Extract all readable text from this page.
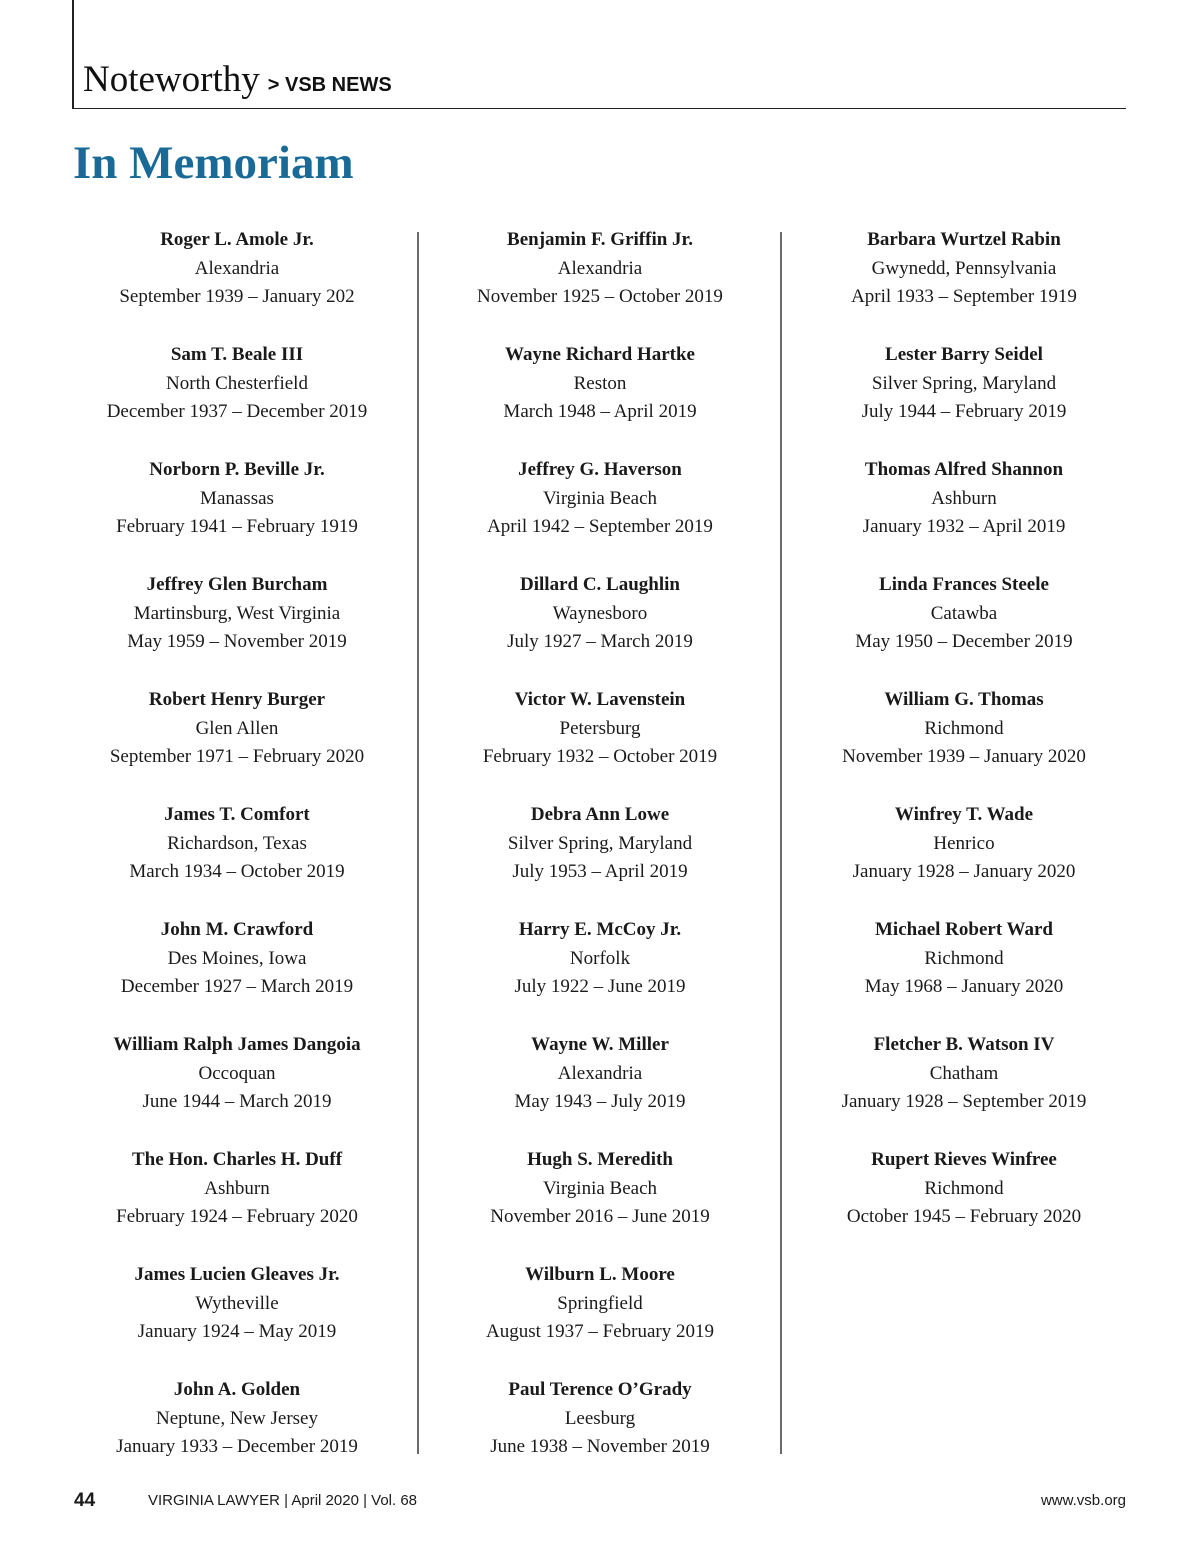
Noteworthy > VSB NEWS
In Memoriam
Roger L. Amole Jr.
Alexandria
September 1939 – January 202
Sam T. Beale III
North Chesterfield
December 1937 – December 2019
Norborn P. Beville Jr.
Manassas
February 1941 – February 1919
Jeffrey Glen Burcham
Martinsburg, West Virginia
May 1959 – November 2019
Robert Henry Burger
Glen Allen
September 1971 – February 2020
James T. Comfort
Richardson, Texas
March 1934 – October 2019
John M. Crawford
Des Moines, Iowa
December 1927 – March 2019
William Ralph James Dangoia
Occoquan
June 1944 – March 2019
The Hon. Charles H. Duff
Ashburn
February 1924 – February 2020
James Lucien Gleaves Jr.
Wytheville
January 1924 – May 2019
John A. Golden
Neptune, New Jersey
January 1933 – December 2019
Benjamin F. Griffin Jr.
Alexandria
November 1925 – October 2019
Wayne Richard Hartke
Reston
March 1948 – April 2019
Jeffrey G. Haverson
Virginia Beach
April 1942 – September 2019
Dillard C. Laughlin
Waynesboro
July 1927 – March 2019
Victor W. Lavenstein
Petersburg
February 1932 – October 2019
Debra Ann Lowe
Silver Spring, Maryland
July 1953 – April 2019
Harry E. McCoy Jr.
Norfolk
July 1922 – June 2019
Wayne W. Miller
Alexandria
May 1943 – July 2019
Hugh S. Meredith
Virginia Beach
November 2016 – June 2019
Wilburn L. Moore
Springfield
August 1937 – February 2019
Paul Terence O’Grady
Leesburg
June 1938 – November 2019
Barbara Wurtzel Rabin
Gwynedd, Pennsylvania
April 1933 – September 1919
Lester Barry Seidel
Silver Spring, Maryland
July 1944 – February 2019
Thomas Alfred Shannon
Ashburn
January 1932 – April 2019
Linda Frances Steele
Catawba
May 1950 – December 2019
William G. Thomas
Richmond
November 1939 – January 2020
Winfrey T. Wade
Henrico
January 1928 – January 2020
Michael Robert Ward
Richmond
May 1968 – January 2020
Fletcher B. Watson IV
Chatham
January 1928 – September 2019
Rupert Rieves Winfree
Richmond
October 1945 – February 2020
44	VIRGINIA LAWYER | April 2020 | Vol. 68	www.vsb.org
